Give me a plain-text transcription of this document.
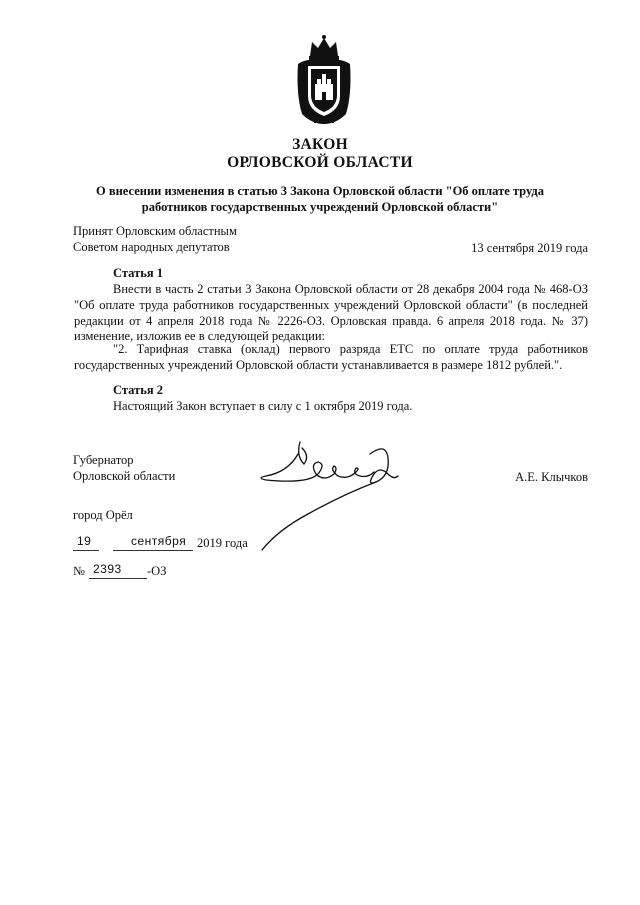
ЗАКОН
ОРЛОВСКОЙ ОБЛАСТИ
О внесении изменения в статью 3 Закона Орловской области "Об оплате труда
работников государственных учреждений Орловской области"
Принят Орловским областным
Советом народных депутатов	13 сентября 2019 года
Статья 1

Внести в часть 2 статьи 3 Закона Орловской области от 28 декабря 2004 года № 468-ОЗ "Об оплате труда работников государственных учреждений Орловской области" (в последней редакции от 4 апреля 2018 года № 2226-ОЗ. Орловская правда. 6 апреля 2018 года. № 37) изменение, изложив ее в следующей редакции:

"2. Тарифная ставка (оклад) первого разряда ЕТС по оплате труда работников государственных учреждений Орловской области устанавливается в размере 1812 рублей.".

Статья 2

Настоящий Закон вступает в силу с 1 октября 2019 года.

Губернатор
Орловской области	А.Е. Клычков
город Орёл
19	сентября 2019 года
№ 2393 -ОЗ
